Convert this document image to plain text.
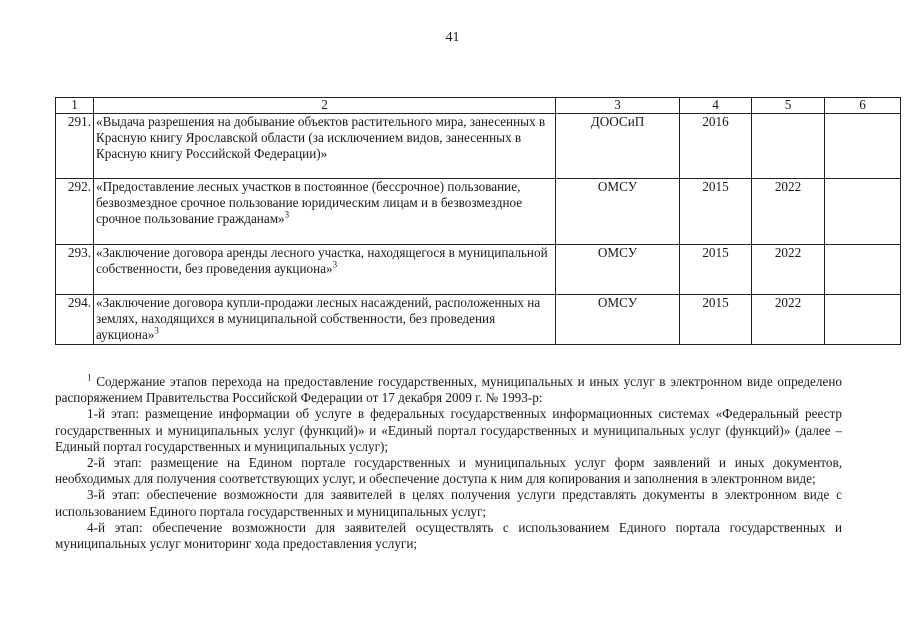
41
1	2	3	4	5	6
291.	«Выдача разрешения на добывание объектов растительного мира, занесенных в Красную книгу Ярославской области (за исключением видов, занесенных в Красную книгу Российской Федерации)»	ДООСиП	2016		
292.	«Предоставление лесных участков в постоянное (бессрочное) пользование, безвозмездное срочное пользование юридическим лицам и в безвозмездное срочное пользование гражданам»$^3$	ОМСУ	2015	2022	
293.	«Заключение договора аренды лесного участка, находящегося в муниципальной собственности, без проведения аукциона»$^3$	ОМСУ	2015	2022	
294.	«Заключение договора купли-продажи лесных насаждений, расположенных на землях, находящихся в муниципальной собственности, без проведения аукциона»$^3$	ОМСУ	2015	2022	

$^1$ Содержание этапов перехода на предоставление государственных, муниципальных и иных услуг в электронном виде определено распоряжением Правительства Российской Федерации от 17 декабря 2009 г. № 1993-р:

1-й этап: размещение информации об услуге в федеральных государственных информационных системах «Федеральный реестр государственных и муниципальных услуг (функций)» и «Единый портал государственных и муниципальных услуг (функций)» (далее – Единый портал государственных и муниципальных услуг);

2-й этап: размещение на Едином портале государственных и муниципальных услуг форм заявлений и иных документов, необходимых для получения соответствующих услуг, и обеспечение доступа к ним для копирования и заполнения в электронном виде;

3-й этап: обеспечение возможности для заявителей в целях получения услуги представлять документы в электронном виде с использованием Единого портала государственных и муниципальных услуг;

4-й этап: обеспечение возможности для заявителей осуществлять с использованием Единого портала государственных и муниципальных услуг мониторинг хода предоставления услуги;
